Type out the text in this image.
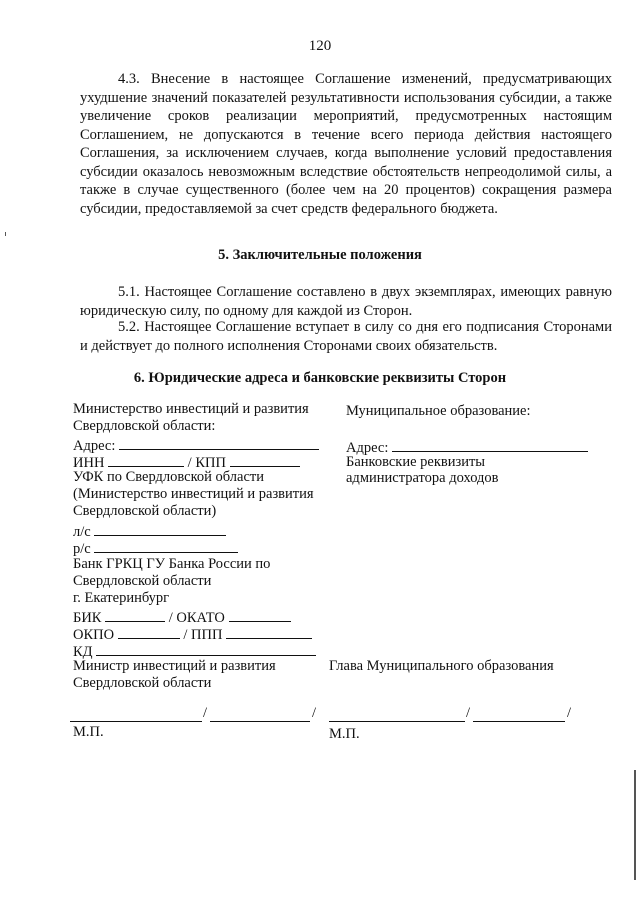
120
4.3. Внесение в настоящее Соглашение изменений, предусматривающих ухудшение значений показателей результативности использования субсидии, а также увеличение сроков реализации мероприятий, предусмотренных настоящим Соглашением, не допускаются в течение всего периода действия настоящего Соглашения, за исключением случаев, когда выполнение условий предоставления субсидии оказалось невозможным вследствие обстоятельств непреодолимой силы, а также в случае существенного (более чем на 20 процентов) сокращения размера субсидии, предоставляемой за счет средств федерального бюджета.
5. Заключительные положения
5.1. Настоящее Соглашение составлено в двух экземплярах, имеющих равную юридическую силу, по одному для каждой из Сторон.
5.2. Настоящее Соглашение вступает в силу со дня его подписания Сторонами и действует до полного исполнения Сторонами своих обязательств.
6. Юридические адреса и банковские реквизиты Сторон
Министерство инвестиций и развития
Свердловской области:
Адрес:
ИНН	/ КПП
УФК по Свердловской области
(Министерство инвестиций и развития
Свердловской области)
л/с
р/с
Банк ГРКЦ ГУ Банка России по
Свердловской области
г. Екатеринбург
БИК	/ ОКАТО
ОКПО	/ ППП
КД
Министр инвестиций и развития
Свердловской области
/	/
М.П.
Муниципальное образование:
Адрес:
Банковские реквизиты
администратора доходов
Глава Муниципального образования
/	/
М.П.
